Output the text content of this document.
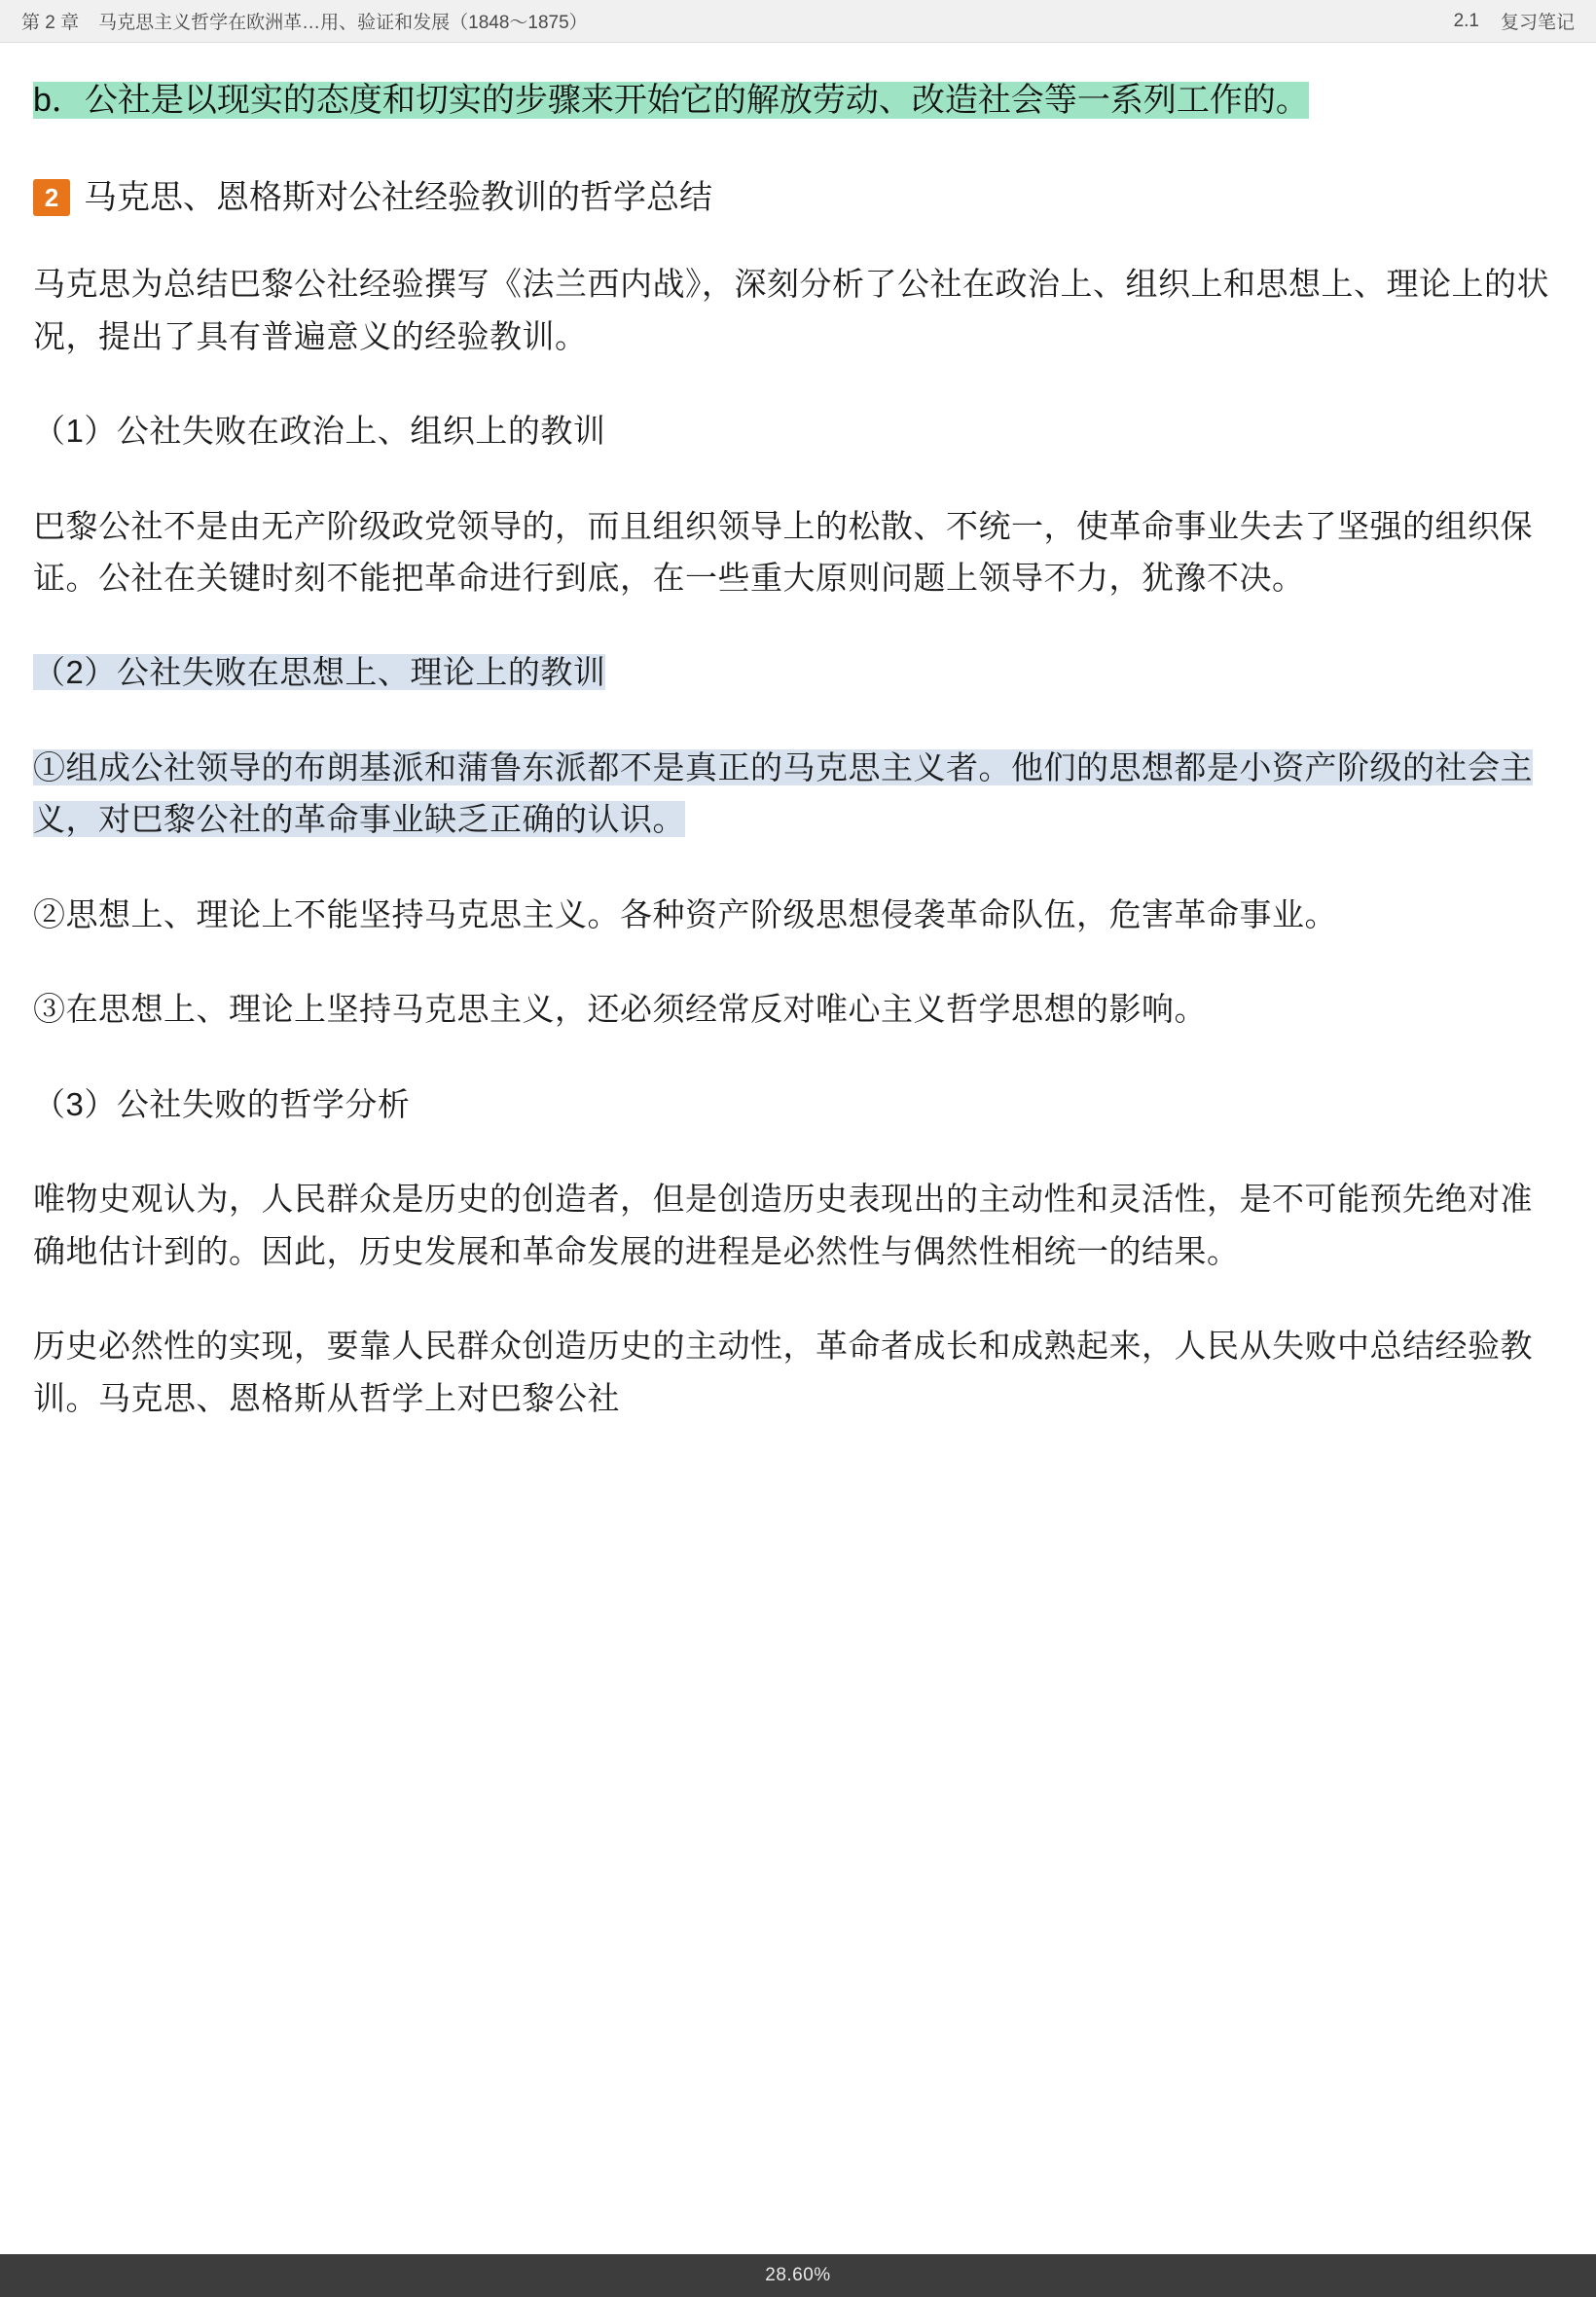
第 2 章 马克思主义哲学在欧洲革…用、验证和发展（1848～1875）	2.1 复习笔记

b．公社是以现实的态度和切实的步骤来开始它的解放劳动、改造社会等一系列工作的。

2 马克思、恩格斯对公社经验教训的哲学总结

马克思为总结巴黎公社经验撰写《法兰西内战》，深刻分析了公社在政治上、组织上和思想上、理论上的状况，提出了具有普遍意义的经验教训。

（1）公社失败在政治上、组织上的教训

巴黎公社不是由无产阶级政党领导的，而且组织领导上的松散、不统一，使革命事业失去了坚强的组织保证。公社在关键时刻不能把革命进行到底，在一些重大原则问题上领导不力，犹豫不决。

（2）公社失败在思想上、理论上的教训

①组成公社领导的布朗基派和蒲鲁东派都不是真正的马克思主义者。他们的思想都是小资产阶级的社会主义，对巴黎公社的革命事业缺乏正确的认识。

②思想上、理论上不能坚持马克思主义。各种资产阶级思想侵袭革命队伍，危害革命事业。

③在思想上、理论上坚持马克思主义，还必须经常反对唯心主义哲学思想的影响。

（3）公社失败的哲学分析

唯物史观认为，人民群众是历史的创造者，但是创造历史表现出的主动性和灵活性，是不可能预先绝对准确地估计到的。因此，历史发展和革命发展的进程是必然性与偶然性相统一的结果。

历史必然性的实现，要靠人民群众创造历史的主动性，革命者成长和成熟起来，人民从失败中总结经验教训。马克思、恩格斯从哲学上对巴黎公社

28.60%
